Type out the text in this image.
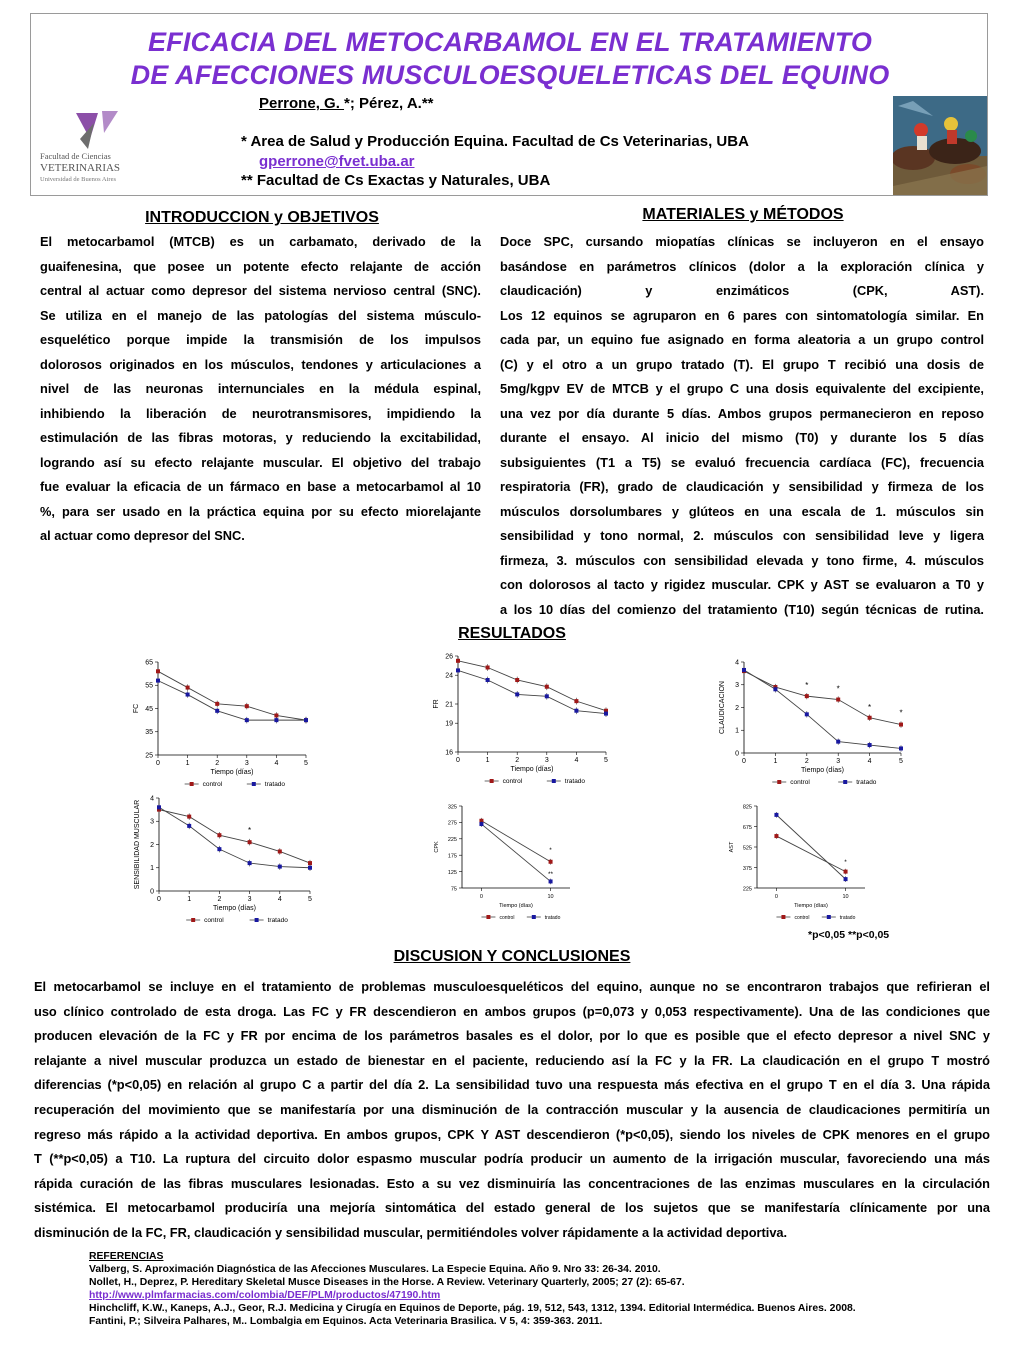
EFICACIA DEL METOCARBAMOL EN EL TRATAMIENTO
DE AFECCIONES MUSCULOESQUELETICAS DEL EQUINO
Perrone, G. *; Pérez, A.**
* Area de Salud y Producción Equina. Facultad de Cs Veterinarias, UBA
gperrone@fvet.uba.ar
** Facultad de Cs Exactas y Naturales, UBA
Facultad de Ciencias
VETERINARIAS
Universidad de Buenos Aires
INTRODUCCION y OBJETIVOS	MATERIALES y MÉTODOS
RESULTADOS
DISCUSION Y CONCLUSIONES
El metocarbamol (MTCB) es un carbamato, derivado de la
guaifenesina, que posee un potente efecto relajante de acción
central al actuar como depresor del sistema nervioso central (SNC).
Se utiliza en el manejo de las patologías del sistema músculo-
esquelético porque impide la transmisión de los impulsos
dolorosos originados en los músculos, tendones y articulaciones a
nivel de las neuronas internunciales en la médula espinal,
inhibiendo la liberación de neurotransmisores, impidiendo la
estimulación de las fibras motoras, y reduciendo la excitabilidad,
logrando así su efecto relajante muscular. El objetivo del trabajo
fue evaluar la eficacia de un fármaco en base a metocarbamol al 10
%, para ser usado en la práctica equina por su efecto miorelajante
al actuar como depresor del SNC.
Doce SPC, cursando miopatías clínicas se incluyeron en el ensayo
basándose en parámetros clínicos (dolor a la exploración clínica y
claudicación) y enzimáticos (CPK, AST).
Los 12 equinos se agruparon en 6 pares con sintomatología similar. En
cada par, un equino fue asignado en forma aleatoria a un grupo control
(C) y el otro a un grupo tratado (T). El grupo T recibió una dosis de
5mg/kgpv EV de MTCB y el grupo C una dosis equivalente del excipiente,
una vez por día durante 5 días. Ambos grupos permanecieron en reposo
durante el ensayo. Al inicio del mismo (T0) y durante los 5 días
subsiguientes (T1 a T5) se evaluó frecuencia cardíaca (FC), frecuencia
respiratoria (FR), grado de claudicación y sensibilidad y firmeza de los
músculos dorsolumbares y glúteos en una escala de 1. músculos sin
sensibilidad y tono normal, 2. músculos con sensibilidad leve y ligera
firmeza, 3. músculos con sensibilidad elevada y tono firme, 4. músculos
con dolorosos al tacto y rigidez muscular. CPK y AST se evaluaron a T0 y
a los 10 días del comienzo del tratamiento (T10) según técnicas de rutina.
25
35
45
55
65
0	1	2	3	4	5
Tiempo (días)
FC
control	tratado
16
19
21
24
26
0	1	2	3	4	5
Tiempo (días)
FR
control	tratado
0
1
2
3
4
0	1	2	3	4	5
Tiempo (días)
CLAUDICACION	*	*
*
*
control	tratado
0
1
2
3
4
0	1	2	3	4	5
Tiempo (días)
SENSIBILIDAD MUSCULAR	*
control	tratado
75
125
175
225
275
325
0	10
Tiempo (días)
CPK	*
**
control	tratado
225
375
525
675
825
0	10
Tiempo (días)
AST
*
control	tratado
*p<0,05 **p<0,05
El metocarbamol se incluye en el tratamiento de problemas musculoesqueléticos del equino, aunque no se encontraron trabajos que refirieran el
uso clínico controlado de esta droga. Las FC y FR descendieron en ambos grupos (p=0,073 y 0,053 respectivamente). Una de las condiciones que
producen elevación de la FC y FR por encima de los parámetros basales es el dolor, por lo que es posible que el efecto depresor a nivel SNC y
relajante a nivel muscular produzca un estado de bienestar en el paciente, reduciendo así la FC y la FR. La claudicación en el grupo T mostró
diferencias (*p<0,05) en relación al grupo C a partir del día 2. La sensibilidad tuvo una respuesta más efectiva en el grupo T en el día 3. Una rápida
recuperación del movimiento que se manifestaría por una disminución de la contracción muscular y la ausencia de claudicaciones permitiría un
regreso más rápido a la actividad deportiva. En ambos grupos, CPK Y AST descendieron (*p<0,05), siendo los niveles de CPK menores en el grupo
T (**p<0,05) a T10. La ruptura del circuito dolor espasmo muscular podría producir un aumento de la irrigación muscular, favoreciendo una más
rápida curación de las fibras musculares lesionadas. Esto a su vez disminuiría las concentraciones de las enzimas musculares en la circulación
sistémica. El metocarbamol produciría una mejoría sintomática del estado general de los sujetos que se manifestaría clínicamente por una
disminución de la FC, FR, claudicación y sensibilidad muscular, permitiéndoles volver rápidamente a la actividad deportiva.
REFERENCIAS
Valberg, S. Aproximación Diagnóstica de las Afecciones Musculares. La Especie Equina. Año 9. Nro 33: 26-34. 2010.
Nollet, H., Deprez, P. Hereditary Skeletal Musce Diseases in the Horse. A Review. Veterinary Quarterly, 2005; 27 (2): 65-67.
http://www.plmfarmacias.com/colombia/DEF/PLM/productos/47190.htm
Hinchcliff, K.W., Kaneps, A.J., Geor, R.J. Medicina y Cirugía en Equinos de Deporte, pág. 19, 512, 543, 1312, 1394. Editorial Intermédica. Buenos Aires. 2008.
Fantini, P.; Silveira Palhares, M.. Lombalgia em Equinos. Acta Veterinaria Brasilica. V 5, 4: 359-363. 2011.
